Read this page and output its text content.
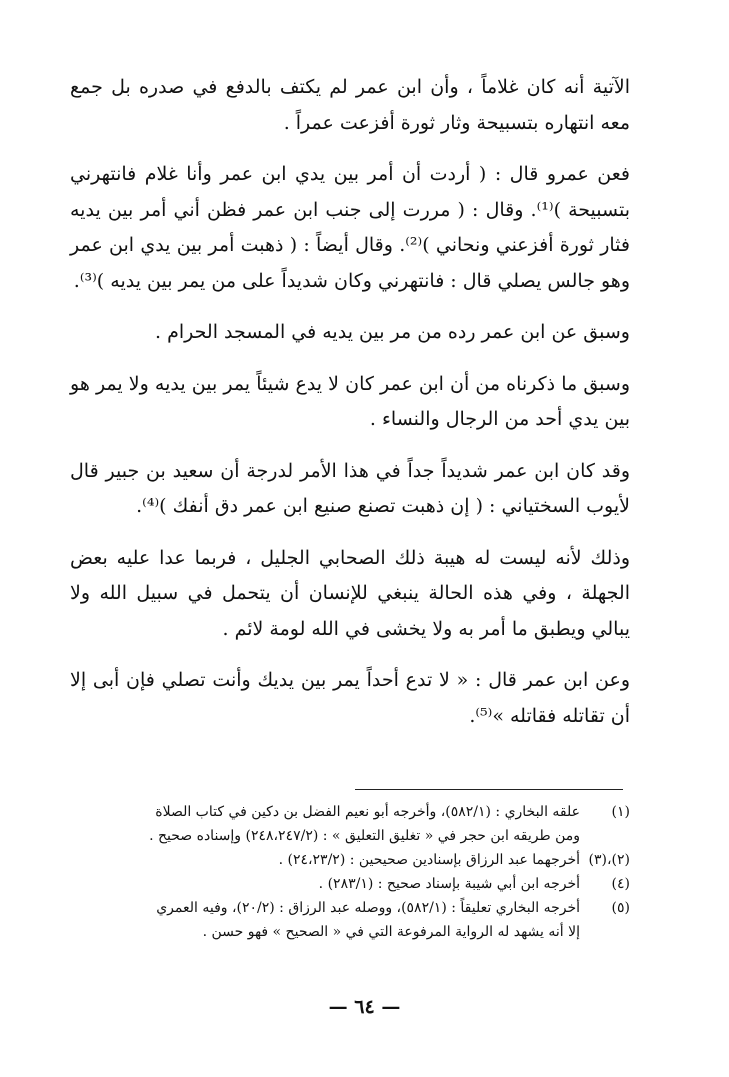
الآتية أنه كان غلاماً ، وأن ابن عمر لم يكتف بالدفع في صدره بل جمع معه انتهاره بتسبيحة وثار ثورة أفزعت عمراً .

فعن عمرو قال : ( أردت أن أمر بين يدي ابن عمر وأنا غلام فانتهرني بتسبيحة )⁽¹⁾. وقال : ( مررت إلى جنب ابن عمر فظن أني أمر بين يديه فثار ثورة أفزعني ونحاني )⁽²⁾. وقال أيضاً : ( ذهبت أمر بين يدي ابن عمر وهو جالس يصلي قال : فانتهرني وكان شديداً على من يمر بين يديه )⁽³⁾.

وسبق عن ابن عمر رده من مر بين يديه في المسجد الحرام .

وسبق ما ذكرناه من أن ابن عمر كان لا يدع شيئاً يمر بين يديه ولا يمر هو بين يدي أحد من الرجال والنساء .

وقد كان ابن عمر شديداً جداً في هذا الأمر لدرجة أن سعيد بن جبير قال لأيوب السختياني : ( إن ذهبت تصنع صنيع ابن عمر دق أنفك )⁽⁴⁾.

وذلك لأنه ليست له هيبة ذلك الصحابي الجليل ، فربما عدا عليه بعض الجهلة ، وفي هذه الحالة ينبغي للإنسان أن يتحمل في سبيل الله ولا يبالي ويطبق ما أمر به ولا يخشى في الله لومة لائم .

وعن ابن عمر قال : « لا تدع أحداً يمر بين يديك وأنت تصلي فإن أبى إلا أن تقاتله فقاتله »⁽⁵⁾.

(١)
علقه البخاري : (٥٨٢/١)، وأخرجه أبو نعيم الفضل بن دكين في كتاب الصلاة

ومن طريقه ابن حجر في « تغليق التعليق » : (٢٤٨،٢٤٧/٢) وإسناده صحيح .

(٢)،(٣)
أخرجهما عبد الرزاق بإسنادين صحيحين : (٢٤،٢٣/٢) .
(٤)
أخرجه ابن أبي شيبة بإسناد صحيح : (٢٨٣/١) .
(٥)
أخرجه البخاري تعليقاً : (٥٨٢/١)، ووصله عبد الرزاق : (٢٠/٢)، وفيه العمري

إلا أنه يشهد له الرواية المرفوعة التي في « الصحيح » فهو حسن .

— ٦٤ —
